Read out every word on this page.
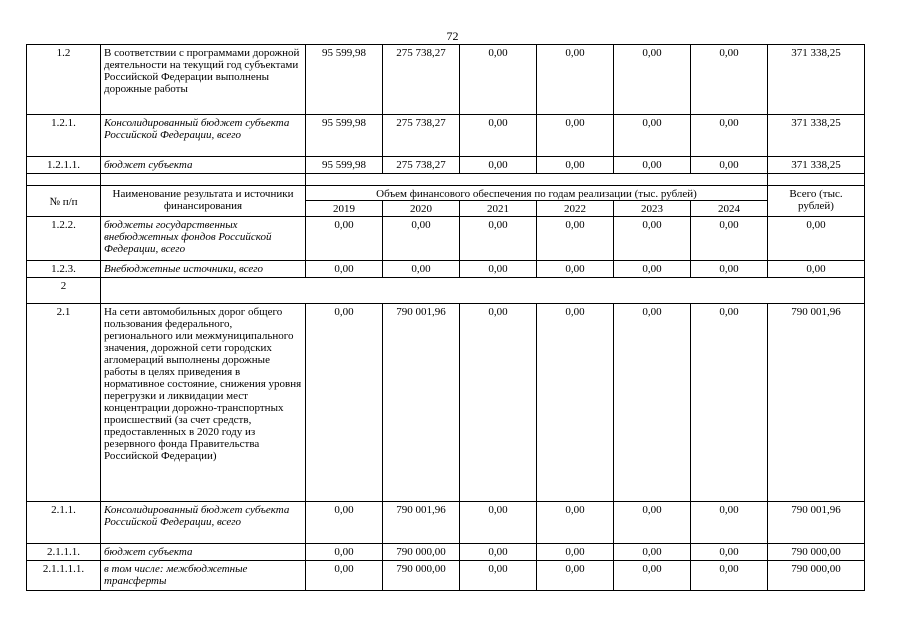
72
1.2	В соответствии с программами дорожной деятельности на текущий год субъектами Российской Федерации выполнены дорожные работы	95 599,98	275 738,27	0,00	0,00	0,00	0,00	371 338,25
1.2.1.	Консолидированный бюджет субъекта Российской Федерации, всего	95 599,98	275 738,27	0,00	0,00	0,00	0,00	371 338,25
1.2.1.1.	бюджет субъекта	95 599,98	275 738,27	0,00	0,00	0,00	0,00	371 338,25

№ п/п	Наименование результата и источники финансирования	Объем финансового обеспечения по годам реализации (тыс. рублей)						Всего (тыс. рублей)
		2019	2020	2021	2022	2023	2024	
1.2.2.	бюджеты государственных внебюджетных фондов Российской Федерации, всего	0,00	0,00	0,00	0,00	0,00	0,00	0,00
1.2.3.	Внебюджетные источники, всего	0,00	0,00	0,00	0,00	0,00	0,00	0,00
2								
2.1	На сети автомобильных дорог общего пользования федерального, регионального или межмуниципального значения, дорожной сети городских агломераций выполнены дорожные работы в целях приведения в нормативное состояние, снижения уровня перегрузки и ликвидации мест концентрации дорожно-транспортных происшествий (за счет средств, предоставленных в 2020 году из резервного фонда Правительства Российской Федерации)	0,00	790 001,96	0,00	0,00	0,00	0,00	790 001,96
2.1.1.	Консолидированный бюджет субъекта Российской Федерации, всего	0,00	790 001,96	0,00	0,00	0,00	0,00	790 001,96
2.1.1.1.	бюджет субъекта	0,00	790 000,00	0,00	0,00	0,00	0,00	790 000,00
2.1.1.1.1.	в том числе: межбюджетные трансферты	0,00	790 000,00	0,00	0,00	0,00	0,00	790 000,00
